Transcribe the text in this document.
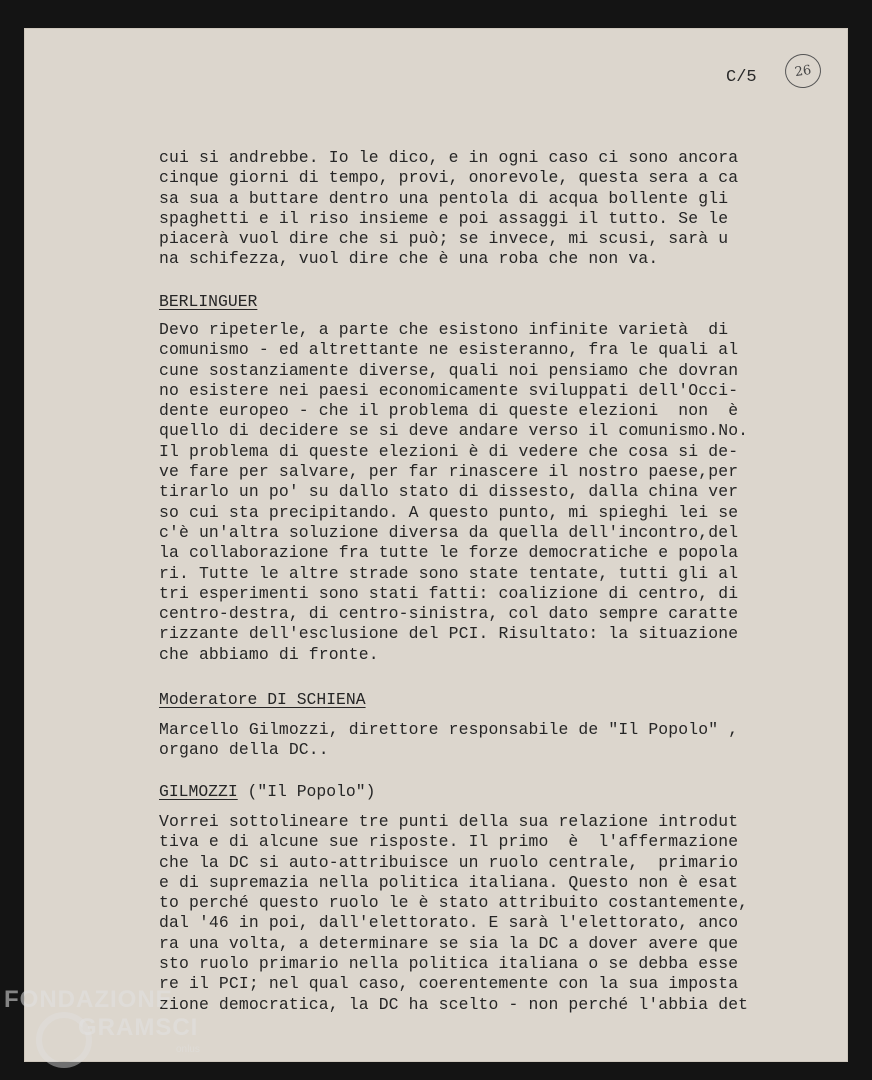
C/5	26
cui si andrebbe. Io le dico, e in ogni caso ci sono ancora
cinque giorni di tempo, provi, onorevole, questa sera a ca
sa sua a buttare dentro una pentola di acqua bollente gli
spaghetti e il riso insieme e poi assaggi il tutto. Se le
piacerà vuol dire che si può; se invece, mi scusi, sarà u
na schifezza, vuol dire che è una roba che non va.
BERLINGUER
Devo ripeterle, a parte che esistono infinite varietà  di
comunismo - ed altrettante ne esisteranno, fra le quali al
cune sostanziamente diverse, quali noi pensiamo che dovran
no esistere nei paesi economicamente sviluppati dell'Occi-
dente europeo - che il problema di queste elezioni  non  è
quello di decidere se si deve andare verso il comunismo.No.
Il problema di queste elezioni è di vedere che cosa si de-
ve fare per salvare, per far rinascere il nostro paese,per
tirarlo un po' su dallo stato di dissesto, dalla china ver
so cui sta precipitando. A questo punto, mi spieghi lei se
c'è un'altra soluzione diversa da quella dell'incontro,del
la collaborazione fra tutte le forze democratiche e popola
ri. Tutte le altre strade sono state tentate, tutti gli al
tri esperimenti sono stati fatti: coalizione di centro, di
centro-destra, di centro-sinistra, col dato sempre caratte
rizzante dell'esclusione del PCI. Risultato: la situazione
che abbiamo di fronte.
Moderatore DI SCHIENA
Marcello Gilmozzi, direttore responsabile de "Il Popolo" ,
organo della DC..
GILMOZZI ("Il Popolo")
Vorrei sottolineare tre punti della sua relazione introdut
tiva e di alcune sue risposte. Il primo  è  l'affermazione
che la DC si auto-attribuisce un ruolo centrale,  primario
e di supremazia nella politica italiana. Questo non è esat
to perché questo ruolo le è stato attribuito costantemente,
dal '46 in poi, dall'elettorato. E sarà l'elettorato, anco
ra una volta, a determinare se sia la DC a dover avere que
sto ruolo primario nella politica italiana o se debba esse
re il PCI; nel qual caso, coerentemente con la sua imposta
zione democratica, la DC ha scelto - non perché l'abbia det
FONDAZIONE
GRAMSCI
onlus
